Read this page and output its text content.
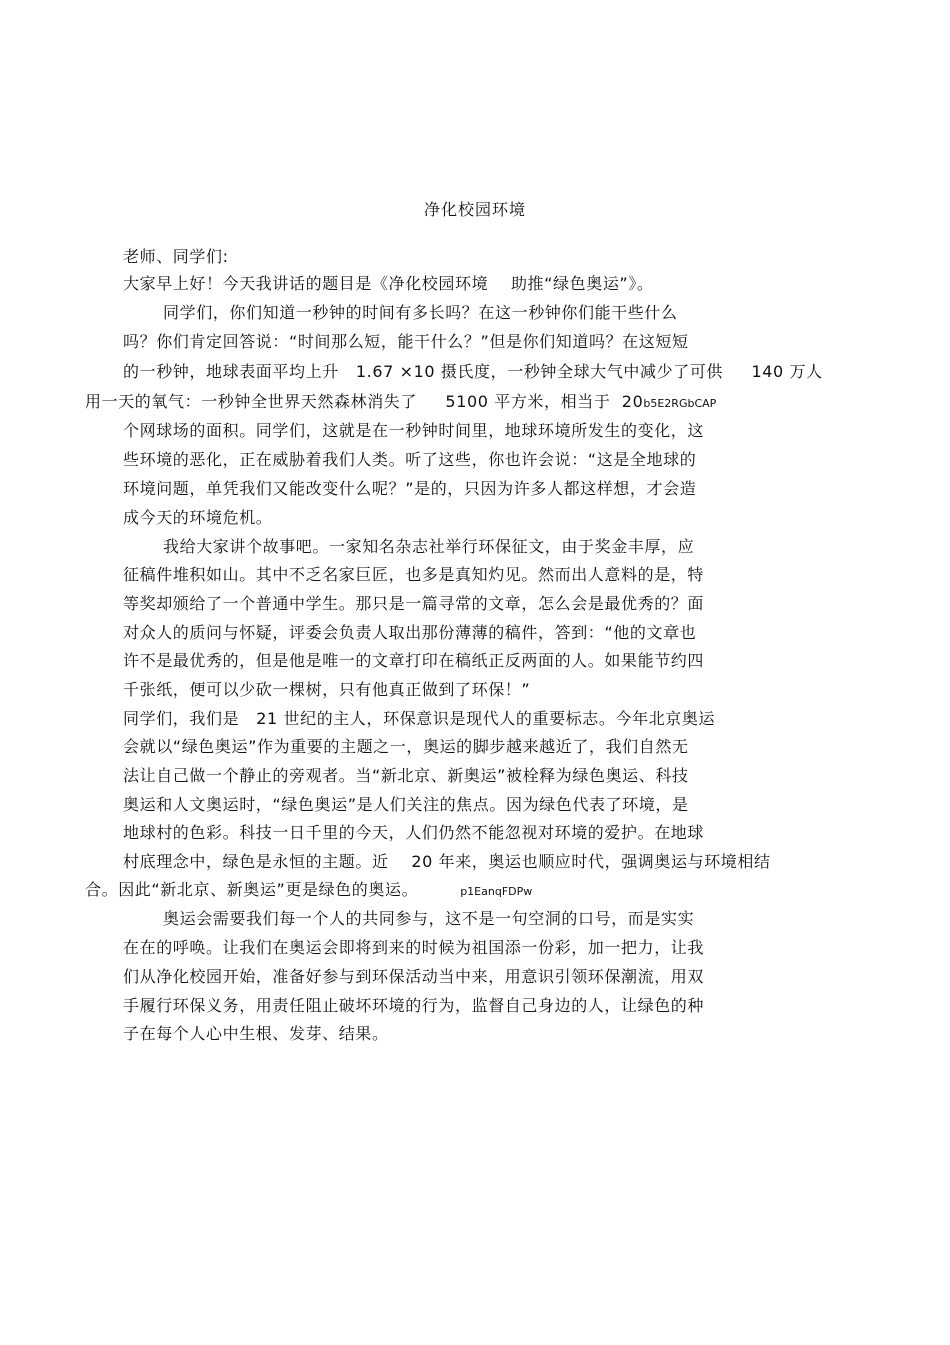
净化校园环境
老师、同学们:
大家早上好！今天我讲话的题目是《净化校园环境    助推“绿色奥运”》。
同学们，你们知道一秒钟的时间有多长吗？在这一秒钟你们能干些什么
吗？你们肯定回答说：“时间那么短，能干什么？”但是你们知道吗？在这短短
的一秒钟，地球表面平均上升   1.67 ×10 摄氏度，一秒钟全球大气中减少了可供     140 万人
用一天的氧气：一秒钟全世界天然森林消失了     5100 平方米，相当于  20b5E2RGbCAP
个网球场的面积。同学们，这就是在一秒钟时间里，地球环境所发生的变化，这
些环境的恶化，正在威胁着我们人类。听了这些，你也许会说：“这是全地球的
环境问题，单凭我们又能改变什么呢？”是的，只因为许多人都这样想，才会造
成今天的环境危机。
我给大家讲个故事吧。一家知名杂志社举行环保征文，由于奖金丰厚，应
征稿件堆积如山。其中不乏名家巨匠，也多是真知灼见。然而出人意料的是，特
等奖却颁给了一个普通中学生。那只是一篇寻常的文章，怎么会是最优秀的？面
对众人的质问与怀疑，评委会负责人取出那份薄薄的稿件，答到：“他的文章也
许不是最优秀的，但是他是唯一的文章打印在稿纸正反两面的人。如果能节约四
千张纸，便可以少砍一棵树，只有他真正做到了环保！”
同学们，我们是   21 世纪的主人，环保意识是现代人的重要标志。今年北京奥运
会就以“绿色奥运”作为重要的主题之一，奥运的脚步越来越近了，我们自然无
法让自己做一个静止的旁观者。当“新北京、新奥运”被栓释为绿色奥运、科技
奥运和人文奥运时，“绿色奥运”是人们关注的焦点。因为绿色代表了环境，是
地球村的色彩。科技一日千里的今天，人们仍然不能忽视对环境的爱护。在地球
村底理念中，绿色是永恒的主题。近    20 年来，奥运也顺应时代，强调奥运与环境相结
合。因此“新北京、新奥运”更是绿色的奥运。	p1EanqFDPw
奥运会需要我们每一个人的共同参与，这不是一句空洞的口号，而是实实
在在的呼唤。让我们在奥运会即将到来的时候为祖国添一份彩，加一把力，让我
们从净化校园开始，准备好参与到环保活动当中来，用意识引领环保潮流，用双
手履行环保义务，用责任阻止破坏环境的行为，监督自己身边的人，让绿色的种
子在每个人心中生根、发芽、结果。
